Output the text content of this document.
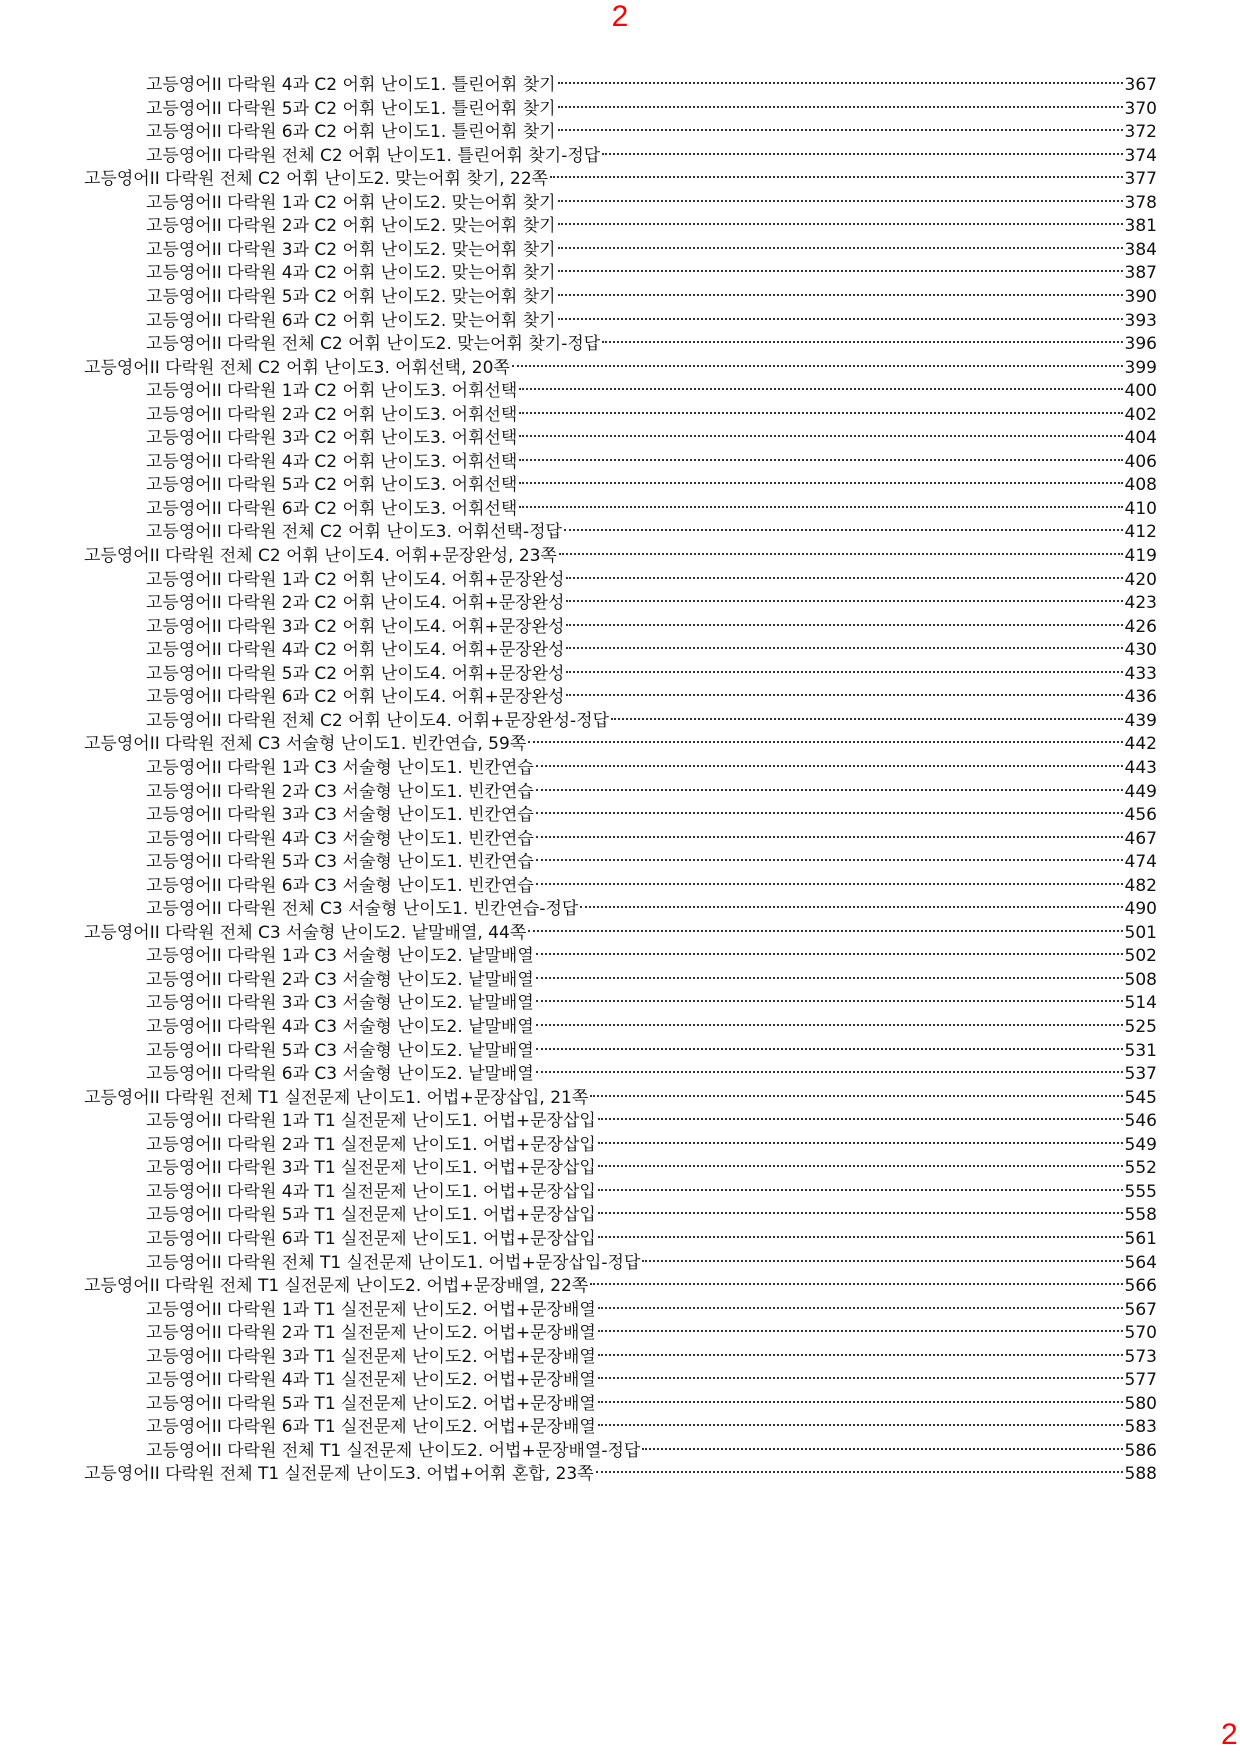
2
고등영어II 다락원 4과 C2 어휘 난이도1. 틀린어휘 찾기	367
고등영어II 다락원 5과 C2 어휘 난이도1. 틀린어휘 찾기	370
고등영어II 다락원 6과 C2 어휘 난이도1. 틀린어휘 찾기	372
고등영어II 다락원 전체 C2 어휘 난이도1. 틀린어휘 찾기-정답	374
고등영어II 다락원 전체 C2 어휘 난이도2. 맞는어휘 찾기, 22쪽	377
고등영어II 다락원 1과 C2 어휘 난이도2. 맞는어휘 찾기	378
고등영어II 다락원 2과 C2 어휘 난이도2. 맞는어휘 찾기	381
고등영어II 다락원 3과 C2 어휘 난이도2. 맞는어휘 찾기	384
고등영어II 다락원 4과 C2 어휘 난이도2. 맞는어휘 찾기	387
고등영어II 다락원 5과 C2 어휘 난이도2. 맞는어휘 찾기	390
고등영어II 다락원 6과 C2 어휘 난이도2. 맞는어휘 찾기	393
고등영어II 다락원 전체 C2 어휘 난이도2. 맞는어휘 찾기-정답	396
고등영어II 다락원 전체 C2 어휘 난이도3. 어휘선택, 20쪽	399
고등영어II 다락원 1과 C2 어휘 난이도3. 어휘선택	400
고등영어II 다락원 2과 C2 어휘 난이도3. 어휘선택	402
고등영어II 다락원 3과 C2 어휘 난이도3. 어휘선택	404
고등영어II 다락원 4과 C2 어휘 난이도3. 어휘선택	406
고등영어II 다락원 5과 C2 어휘 난이도3. 어휘선택	408
고등영어II 다락원 6과 C2 어휘 난이도3. 어휘선택	410
고등영어II 다락원 전체 C2 어휘 난이도3. 어휘선택-정답	412
고등영어II 다락원 전체 C2 어휘 난이도4. 어휘+문장완성, 23쪽	419
고등영어II 다락원 1과 C2 어휘 난이도4. 어휘+문장완성	420
고등영어II 다락원 2과 C2 어휘 난이도4. 어휘+문장완성	423
고등영어II 다락원 3과 C2 어휘 난이도4. 어휘+문장완성	426
고등영어II 다락원 4과 C2 어휘 난이도4. 어휘+문장완성	430
고등영어II 다락원 5과 C2 어휘 난이도4. 어휘+문장완성	433
고등영어II 다락원 6과 C2 어휘 난이도4. 어휘+문장완성	436
고등영어II 다락원 전체 C2 어휘 난이도4. 어휘+문장완성-정답	439
고등영어II 다락원 전체 C3 서술형 난이도1. 빈칸연습, 59쪽	442
고등영어II 다락원 1과 C3 서술형 난이도1. 빈칸연습	443
고등영어II 다락원 2과 C3 서술형 난이도1. 빈칸연습	449
고등영어II 다락원 3과 C3 서술형 난이도1. 빈칸연습	456
고등영어II 다락원 4과 C3 서술형 난이도1. 빈칸연습	467
고등영어II 다락원 5과 C3 서술형 난이도1. 빈칸연습	474
고등영어II 다락원 6과 C3 서술형 난이도1. 빈칸연습	482
고등영어II 다락원 전체 C3 서술형 난이도1. 빈칸연습-정답	490
고등영어II 다락원 전체 C3 서술형 난이도2. 낱말배열, 44쪽	501
고등영어II 다락원 1과 C3 서술형 난이도2. 낱말배열	502
고등영어II 다락원 2과 C3 서술형 난이도2. 낱말배열	508
고등영어II 다락원 3과 C3 서술형 난이도2. 낱말배열	514
고등영어II 다락원 4과 C3 서술형 난이도2. 낱말배열	525
고등영어II 다락원 5과 C3 서술형 난이도2. 낱말배열	531
고등영어II 다락원 6과 C3 서술형 난이도2. 낱말배열	537
고등영어II 다락원 전체 T1 실전문제 난이도1. 어법+문장삽입, 21쪽	545
고등영어II 다락원 1과 T1 실전문제 난이도1. 어법+문장삽입	546
고등영어II 다락원 2과 T1 실전문제 난이도1. 어법+문장삽입	549
고등영어II 다락원 3과 T1 실전문제 난이도1. 어법+문장삽입	552
고등영어II 다락원 4과 T1 실전문제 난이도1. 어법+문장삽입	555
고등영어II 다락원 5과 T1 실전문제 난이도1. 어법+문장삽입	558
고등영어II 다락원 6과 T1 실전문제 난이도1. 어법+문장삽입	561
고등영어II 다락원 전체 T1 실전문제 난이도1. 어법+문장삽입-정답	564
고등영어II 다락원 전체 T1 실전문제 난이도2. 어법+문장배열, 22쪽	566
고등영어II 다락원 1과 T1 실전문제 난이도2. 어법+문장배열	567
고등영어II 다락원 2과 T1 실전문제 난이도2. 어법+문장배열	570
고등영어II 다락원 3과 T1 실전문제 난이도2. 어법+문장배열	573
고등영어II 다락원 4과 T1 실전문제 난이도2. 어법+문장배열	577
고등영어II 다락원 5과 T1 실전문제 난이도2. 어법+문장배열	580
고등영어II 다락원 6과 T1 실전문제 난이도2. 어법+문장배열	583
고등영어II 다락원 전체 T1 실전문제 난이도2. 어법+문장배열-정답	586
고등영어II 다락원 전체 T1 실전문제 난이도3. 어법+어휘 혼합, 23쪽	588
2
